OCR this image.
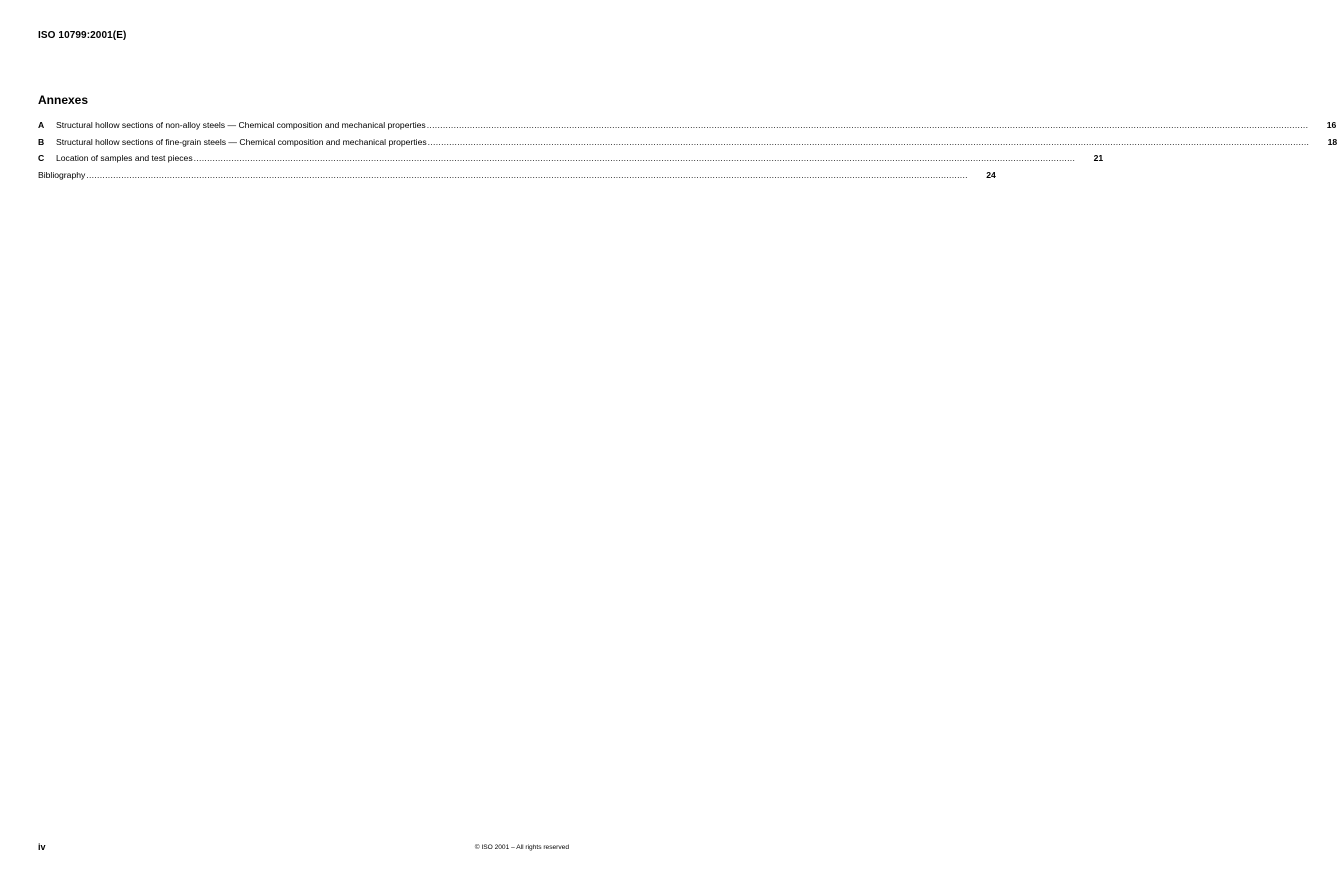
ISO 10799:2001(E)
Annexes
A	Structural hollow sections of non-alloy steels — Chemical composition and mechanical properties .....	16
B	Structural hollow sections of fine-grain steels — Chemical composition and mechanical properties .....	18
C	Location of samples and test pieces .....	21
Bibliography .....	24
iv	© ISO 2001 – All rights reserved
